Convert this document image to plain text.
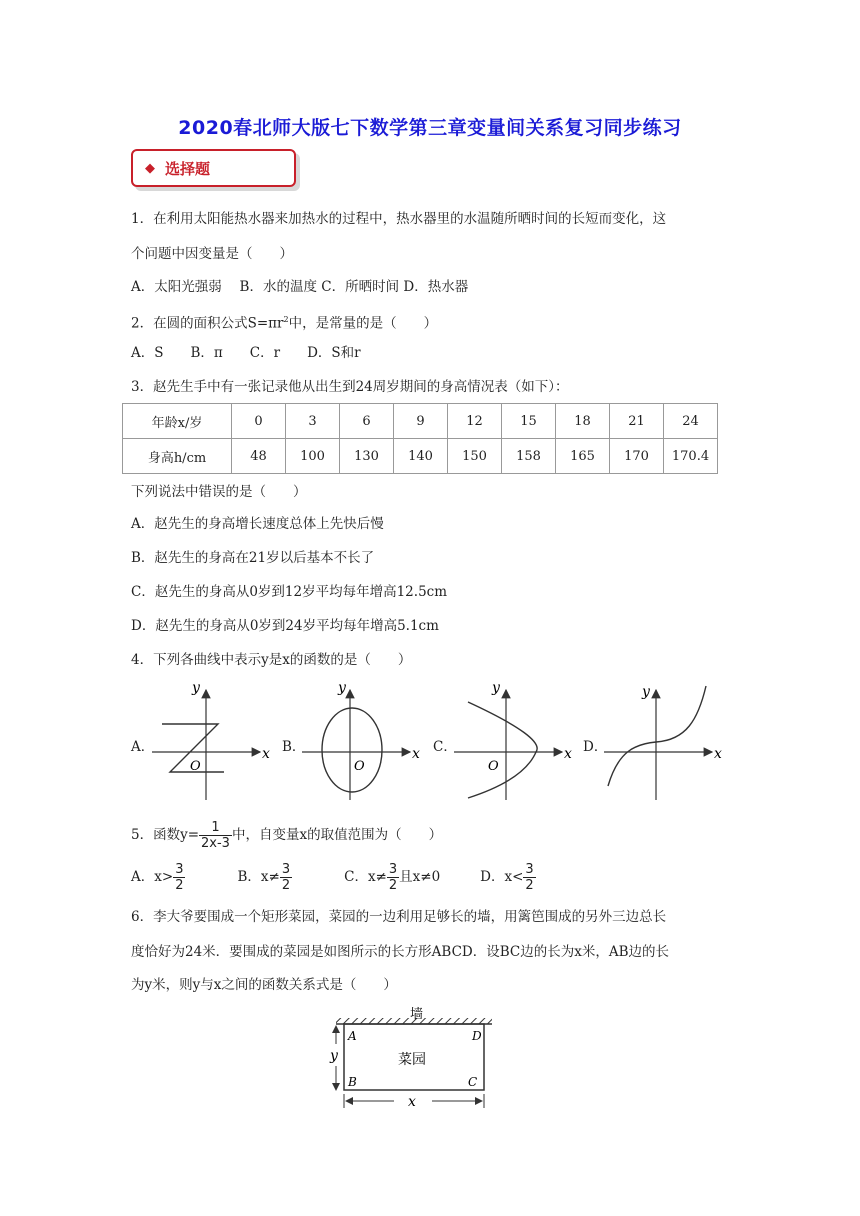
2020春北师大版七下数学第三章变量间关系复习同步练习
◆ 选择题
1．在利用太阳能热水器来加热水的过程中，热水器里的水温随所晒时间的长短而变化，这
个问题中因变量是（　　）
A．太阳光强弱　 B．水的温度 C．所晒时间 D．热水器
2．在圆的面积公式$S=\pi r^2$中，是常量的是（　　）
A．S　　B．π　　C．r　　D．S和r
3．赵先生手中有一张记录他从出生到24周岁期间的身高情况表（如下）：
年龄x/岁	0	3	6	9	12	15	18	21	24
身高h/cm	48	100	130	140	150	158	165	170	170.4
下列说法中错误的是（　　）
A．赵先生的身高增长速度总体上先快后慢
B．赵先生的身高在21岁以后基本不长了
C．赵先生的身高从0岁到12岁平均每年增高12.5cm
D．赵先生的身高从0岁到24岁平均每年增高5.1cm
4．下列各曲线中表示y是x的函数的是（　　）
A．	B．	C．	D．
y
x
O
y
x
O
y
x
O
y
x
5．函数$y= \frac{1}{2x-3}$ 中，自变量x的取值范围为（　　）
A．$x> \frac{3}{2}$	B．$x\ne \frac{3}{2}$	C．$x\ne \frac{3}{2}$ 且x≠0	D．$x< \frac{3}{2}$
6．李大爷要围成一个矩形菜园，菜园的一边利用足够长的墙，用篱笆围成的另外三边总长
度恰好为24米．要围成的菜园是如图所示的长方形ABCD．设BC边的长为x米，AB边的长
为y米，则y与x之间的函数关系式是（　　）
墙
菜园
A	D
B	C
y
x
